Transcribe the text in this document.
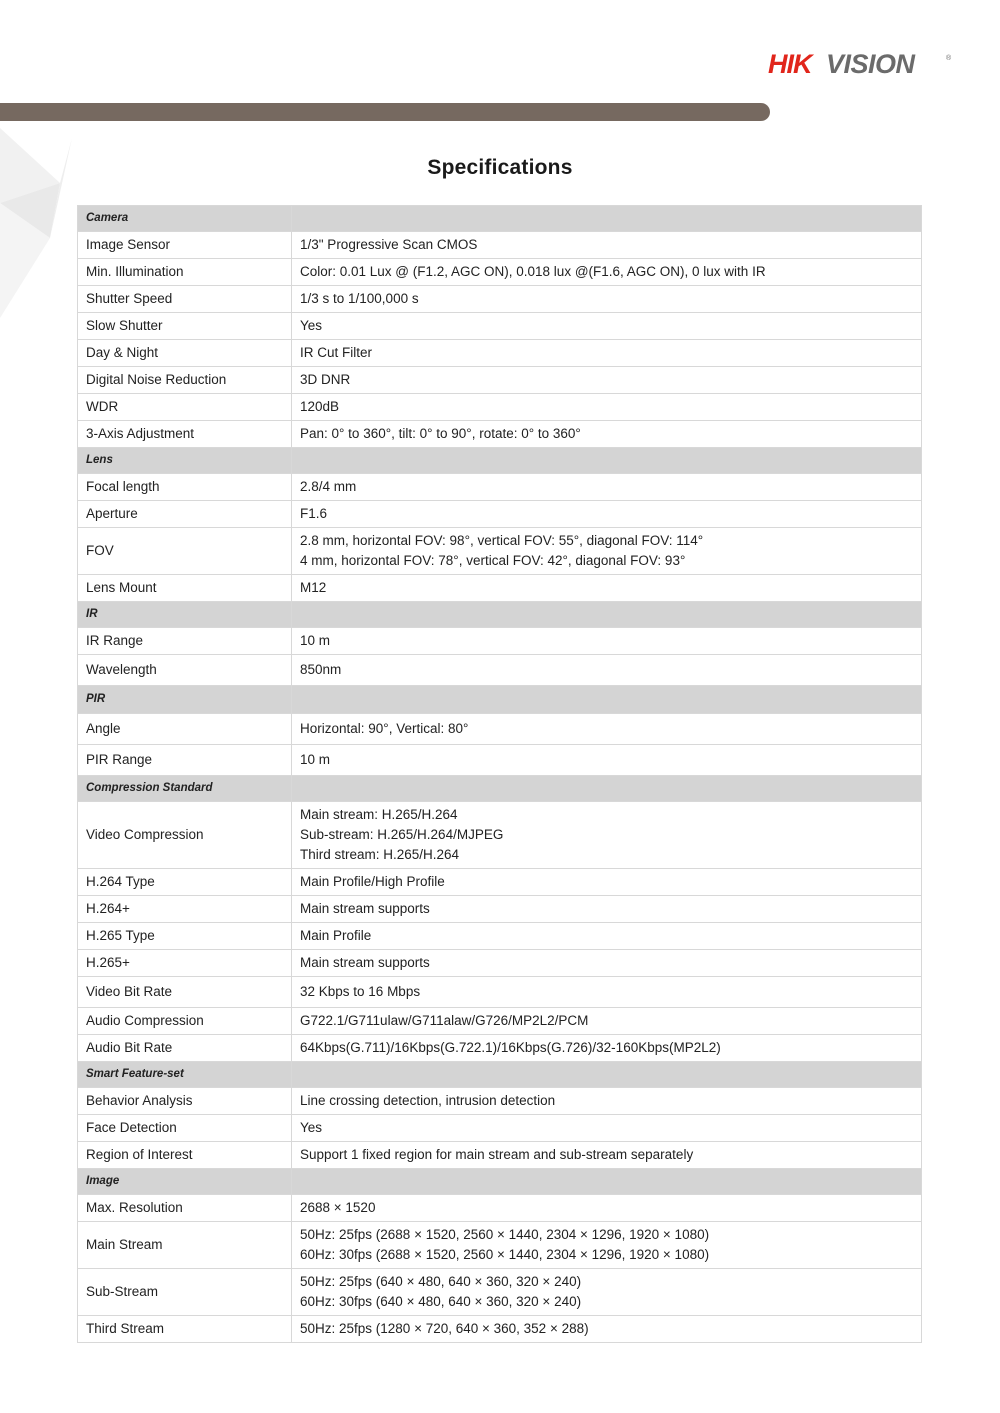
HIK VISION	®
Specifications
Camera	
Image Sensor	1/3" Progressive Scan CMOS

Min. Illumination	Color: 0.01 Lux @ (F1.2, AGC ON), 0.018 lux @(F1.6, AGC ON), 0 lux with IR

Shutter Speed	1/3 s to 1/100,000 s

Slow Shutter	Yes

Day & Night	IR Cut Filter

Digital Noise Reduction	3D DNR

WDR	120dB

3-Axis Adjustment	Pan: 0° to 360°, tilt: 0° to 90°, rotate: 0° to 360°

Lens	
Focal length	2.8/4 mm

Aperture	F1.6

FOV	2.8 mm, horizontal FOV: 98°, vertical FOV: 55°, diagonal FOV: 114°
4 mm, horizontal FOV: 78°, vertical FOV: 42°, diagonal FOV: 93°

Lens Mount	M12

IR	
IR Range	10 m

Wavelength	850nm

PIR	
Angle	Horizontal: 90°, Vertical: 80°

PIR Range	10 m

Compression Standard	
Video Compression	Main stream: H.265/H.264
Sub-stream: H.265/H.264/MJPEG
Third stream: H.265/H.264

H.264 Type	Main Profile/High Profile

H.264+	Main stream supports

H.265 Type	Main Profile

H.265+	Main stream supports

Video Bit Rate	32 Kbps to 16 Mbps

Audio Compression	G722.1/G711ulaw/G711alaw/G726/MP2L2/PCM

Audio Bit Rate	64Kbps(G.711)/16Kbps(G.722.1)/16Kbps(G.726)/32-160Kbps(MP2L2)

Smart Feature-set	
Behavior Analysis	Line crossing detection, intrusion detection

Face Detection	Yes

Region of Interest	Support 1 fixed region for main stream and sub-stream separately

Image	
Max. Resolution	2688 × 1520

Main Stream	50Hz: 25fps (2688 × 1520, 2560 × 1440, 2304 × 1296, 1920 × 1080)
60Hz: 30fps (2688 × 1520, 2560 × 1440, 2304 × 1296, 1920 × 1080)

Sub-Stream	50Hz: 25fps (640 × 480, 640 × 360, 320 × 240)
60Hz: 30fps (640 × 480, 640 × 360, 320 × 240)

Third Stream	50Hz: 25fps (1280 × 720, 640 × 360, 352 × 288)
